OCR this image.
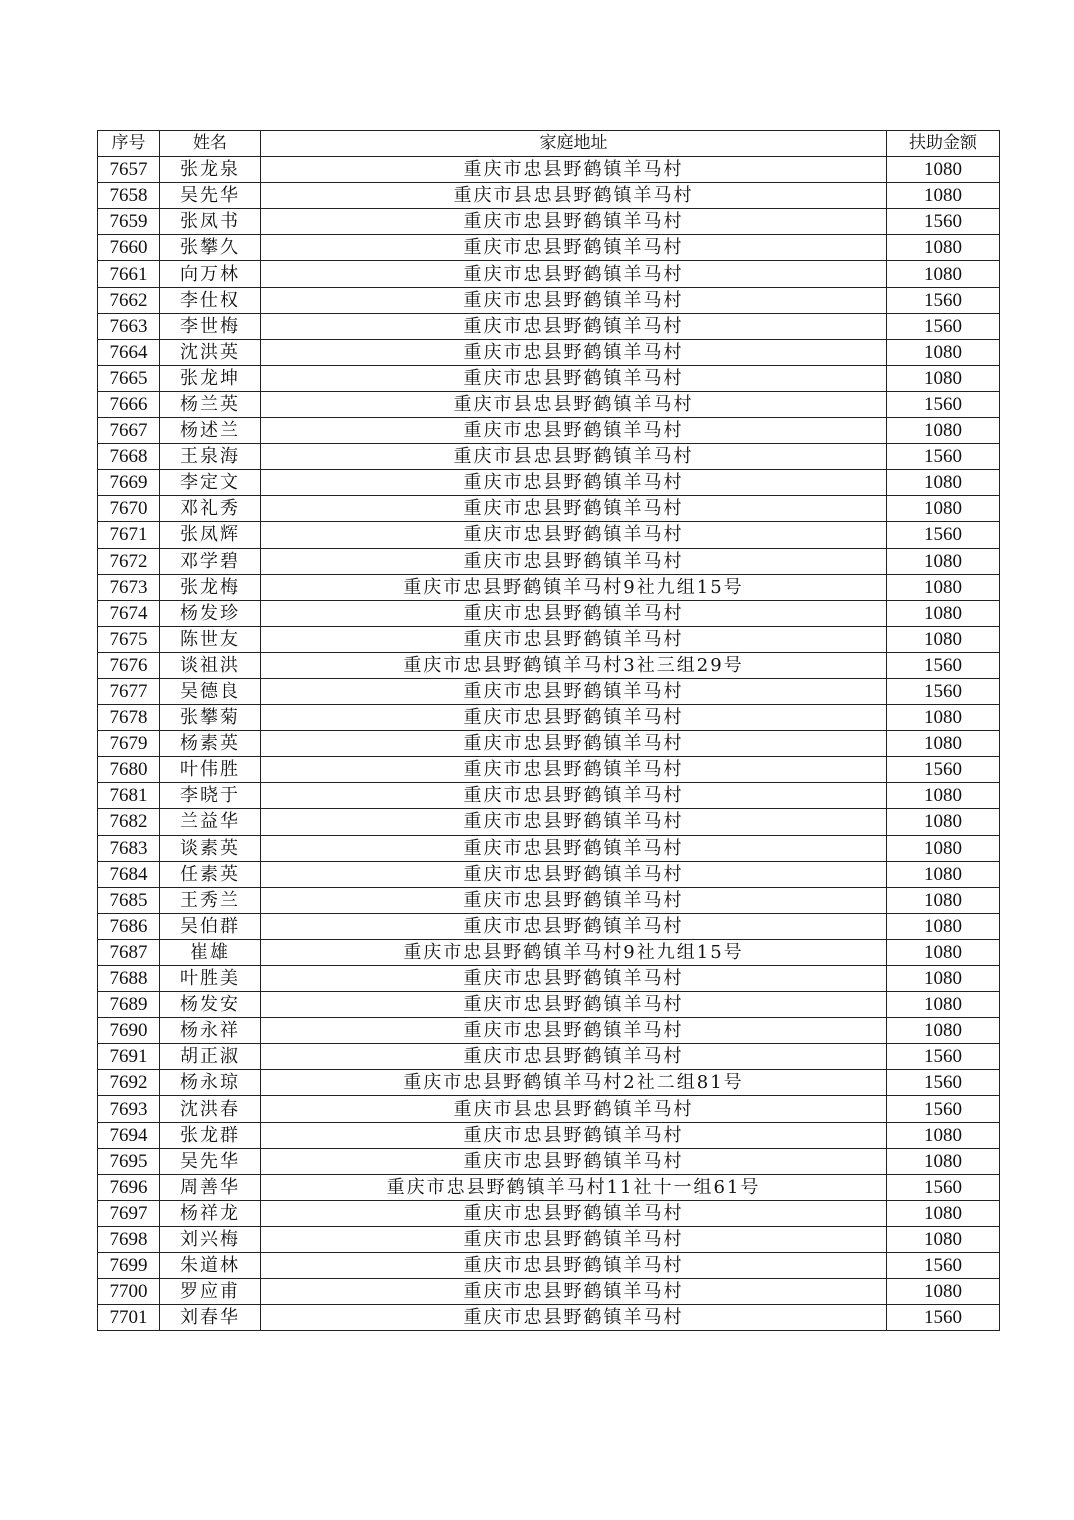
序号	姓名	家庭地址	扶助金额
7657	张龙泉	重庆市忠县野鹤镇羊马村	1080
7658	吴先华	重庆市县忠县野鹤镇羊马村	1080
7659	张凤书	重庆市忠县野鹤镇羊马村	1560
7660	张攀久	重庆市忠县野鹤镇羊马村	1080
7661	向万林	重庆市忠县野鹤镇羊马村	1080
7662	李仕权	重庆市忠县野鹤镇羊马村	1560
7663	李世梅	重庆市忠县野鹤镇羊马村	1560
7664	沈洪英	重庆市忠县野鹤镇羊马村	1080
7665	张龙坤	重庆市忠县野鹤镇羊马村	1080
7666	杨兰英	重庆市县忠县野鹤镇羊马村	1560
7667	杨述兰	重庆市忠县野鹤镇羊马村	1080
7668	王泉海	重庆市县忠县野鹤镇羊马村	1560
7669	李定文	重庆市忠县野鹤镇羊马村	1080
7670	邓礼秀	重庆市忠县野鹤镇羊马村	1080
7671	张凤辉	重庆市忠县野鹤镇羊马村	1560
7672	邓学碧	重庆市忠县野鹤镇羊马村	1080
7673	张龙梅	重庆市忠县野鹤镇羊马村9社九组15号	1080
7674	杨发珍	重庆市忠县野鹤镇羊马村	1080
7675	陈世友	重庆市忠县野鹤镇羊马村	1080
7676	谈祖洪	重庆市忠县野鹤镇羊马村3社三组29号	1560
7677	吴德良	重庆市忠县野鹤镇羊马村	1560
7678	张攀菊	重庆市忠县野鹤镇羊马村	1080
7679	杨素英	重庆市忠县野鹤镇羊马村	1080
7680	叶伟胜	重庆市忠县野鹤镇羊马村	1560
7681	李晓于	重庆市忠县野鹤镇羊马村	1080
7682	兰益华	重庆市忠县野鹤镇羊马村	1080
7683	谈素英	重庆市忠县野鹤镇羊马村	1080
7684	任素英	重庆市忠县野鹤镇羊马村	1080
7685	王秀兰	重庆市忠县野鹤镇羊马村	1080
7686	吴伯群	重庆市忠县野鹤镇羊马村	1080
7687	崔雄	重庆市忠县野鹤镇羊马村9社九组15号	1080
7688	叶胜美	重庆市忠县野鹤镇羊马村	1080
7689	杨发安	重庆市忠县野鹤镇羊马村	1080
7690	杨永祥	重庆市忠县野鹤镇羊马村	1080
7691	胡正淑	重庆市忠县野鹤镇羊马村	1560
7692	杨永琼	重庆市忠县野鹤镇羊马村2社二组81号	1560
7693	沈洪春	重庆市县忠县野鹤镇羊马村	1560
7694	张龙群	重庆市忠县野鹤镇羊马村	1080
7695	吴先华	重庆市忠县野鹤镇羊马村	1080
7696	周善华	重庆市忠县野鹤镇羊马村11社十一组61号	1560
7697	杨祥龙	重庆市忠县野鹤镇羊马村	1080
7698	刘兴梅	重庆市忠县野鹤镇羊马村	1080
7699	朱道林	重庆市忠县野鹤镇羊马村	1560
7700	罗应甫	重庆市忠县野鹤镇羊马村	1080
7701	刘春华	重庆市忠县野鹤镇羊马村	1560
